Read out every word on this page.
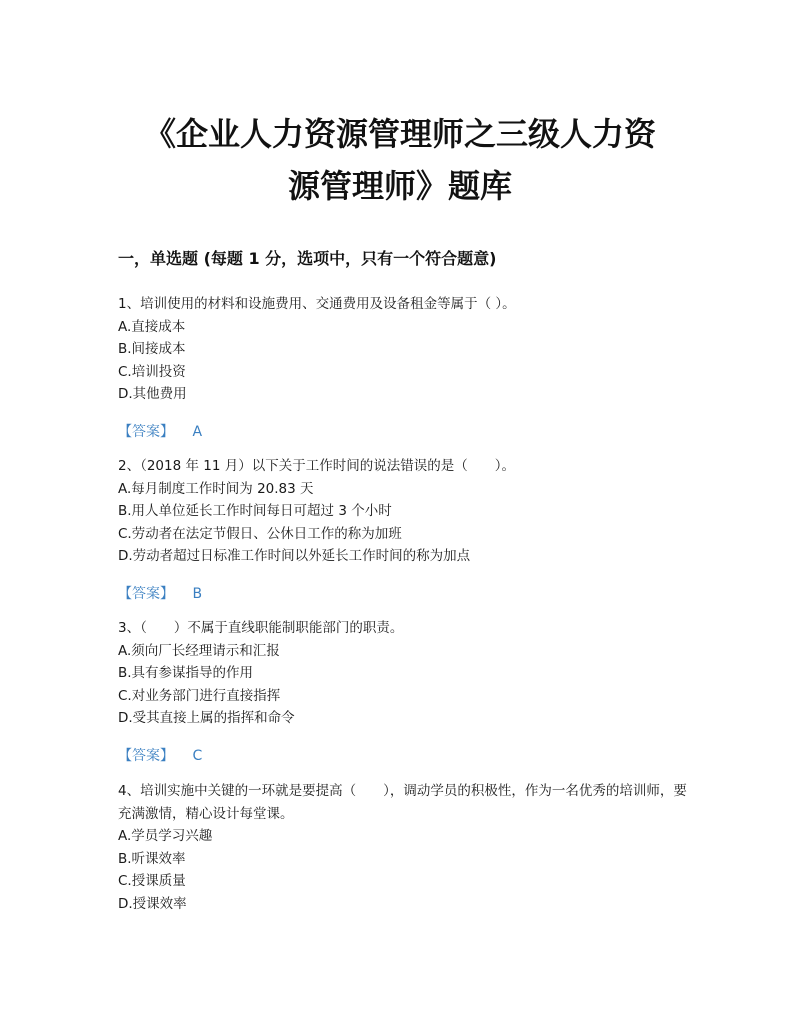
《企业人力资源管理师之三级人力资
源管理师》题库
一，单选题 (每题 1 分，选项中，只有一个符合题意)

1、培训使用的材料和设施费用、交通费用及设备租金等属于（ ）。

A.直接成本

B.间接成本

C.培训投资

D.其他费用

【答案】 A

2、（2018 年 11 月）以下关于工作时间的说法错误的是（　　）。

A.每月制度工作时间为 20.83 天

B.用人单位延长工作时间每日可超过 3 个小时

C.劳动者在法定节假日、公休日工作的称为加班

D.劳动者超过日标准工作时间以外延长工作时间的称为加点

【答案】 B

3、（　　）不属于直线职能制职能部门的职责。

A.须向厂长经理请示和汇报

B.具有参谋指导的作用

C.对业务部门进行直接指挥

D.受其直接上属的指挥和命令

【答案】 C

4、培训实施中关键的一环就是要提高（　　），调动学员的积极性，作为一名优秀的培训师，要充满激情，精心设计每堂课。

A.学员学习兴趣

B.听课效率

C.授课质量

D.授课效率
